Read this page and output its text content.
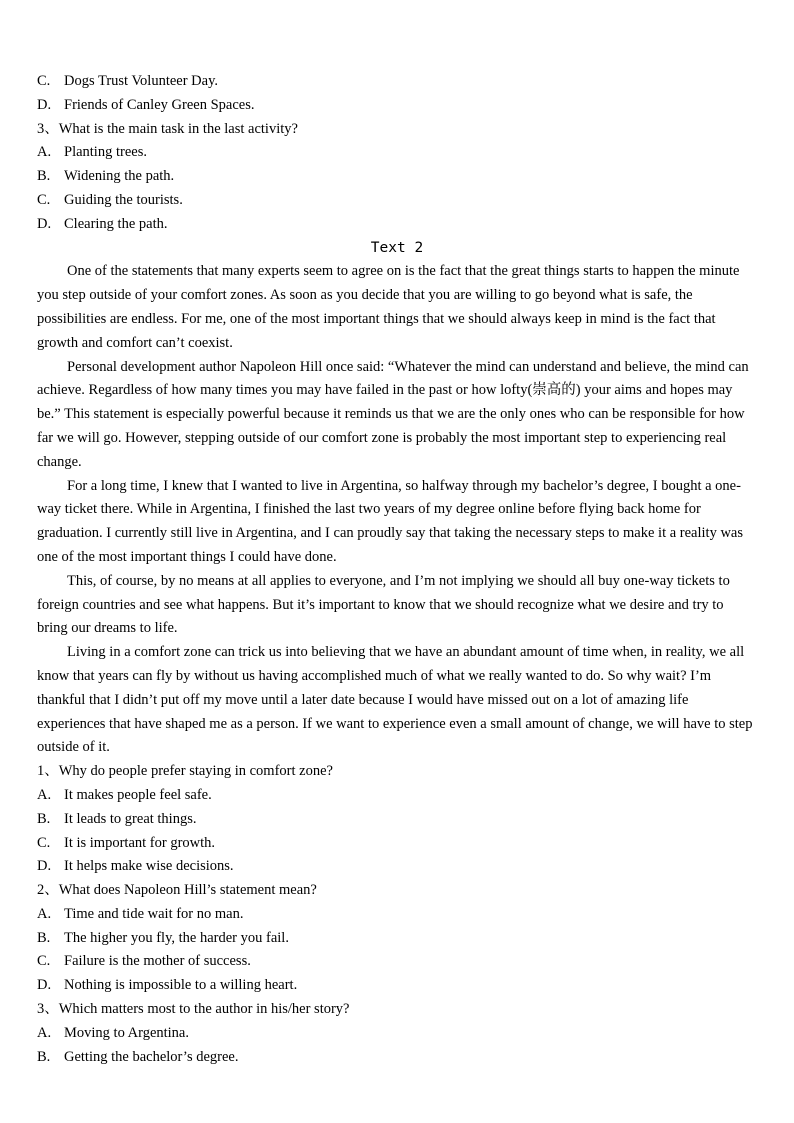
C. Dogs Trust Volunteer Day.
D. Friends of Canley Green Spaces.
3、What is the main task in the last activity?
A. Planting trees.
B. Widening the path.
C. Guiding the tourists.
D. Clearing the path.
Text 2

One of the statements that many experts seem to agree on is the fact that the great things starts to happen the minute you step outside of your comfort zones. As soon as you decide that you are willing to go beyond what is safe, the possibilities are endless. For me, one of the most important things that we should always keep in mind is the fact that growth and comfort can’t coexist.

Personal development author Napoleon Hill once said: “Whatever the mind can understand and believe, the mind can achieve. Regardless of how many times you may have failed in the past or how lofty(崇高的) your aims and hopes may be.” This statement is especially powerful because it reminds us that we are the only ones who can be responsible for how far we will go. However, stepping outside of our comfort zone is probably the most important step to experiencing real change.

For a long time, I knew that I wanted to live in Argentina, so halfway through my bachelor’s degree, I bought a one-way ticket there. While in Argentina, I finished the last two years of my degree online before flying back home for graduation. I currently still live in Argentina, and I can proudly say that taking the necessary steps to make it a reality was one of the most important things I could have done.

This, of course, by no means at all applies to everyone, and I’m not implying we should all buy one-way tickets to foreign countries and see what happens. But it’s important to know that we should recognize what we desire and try to bring our dreams to life.

Living in a comfort zone can trick us into believing that we have an abundant amount of time when, in reality, we all know that years can fly by without us having accomplished much of what we really wanted to do. So why wait? I’m thankful that I didn’t put off my move until a later date because I would have missed out on a lot of amazing life experiences that have shaped me as a person. If we want to experience even a small amount of change, we will have to step outside of it.

1、Why do people prefer staying in comfort zone?
A. It makes people feel safe.
B. It leads to great things.
C. It is important for growth.
D. It helps make wise decisions.
2、What does Napoleon Hill’s statement mean?
A. Time and tide wait for no man.
B. The higher you fly, the harder you fail.
C. Failure is the mother of success.
D. Nothing is impossible to a willing heart.
3、Which matters most to the author in his/her story?
A. Moving to Argentina.
B. Getting the bachelor’s degree.
